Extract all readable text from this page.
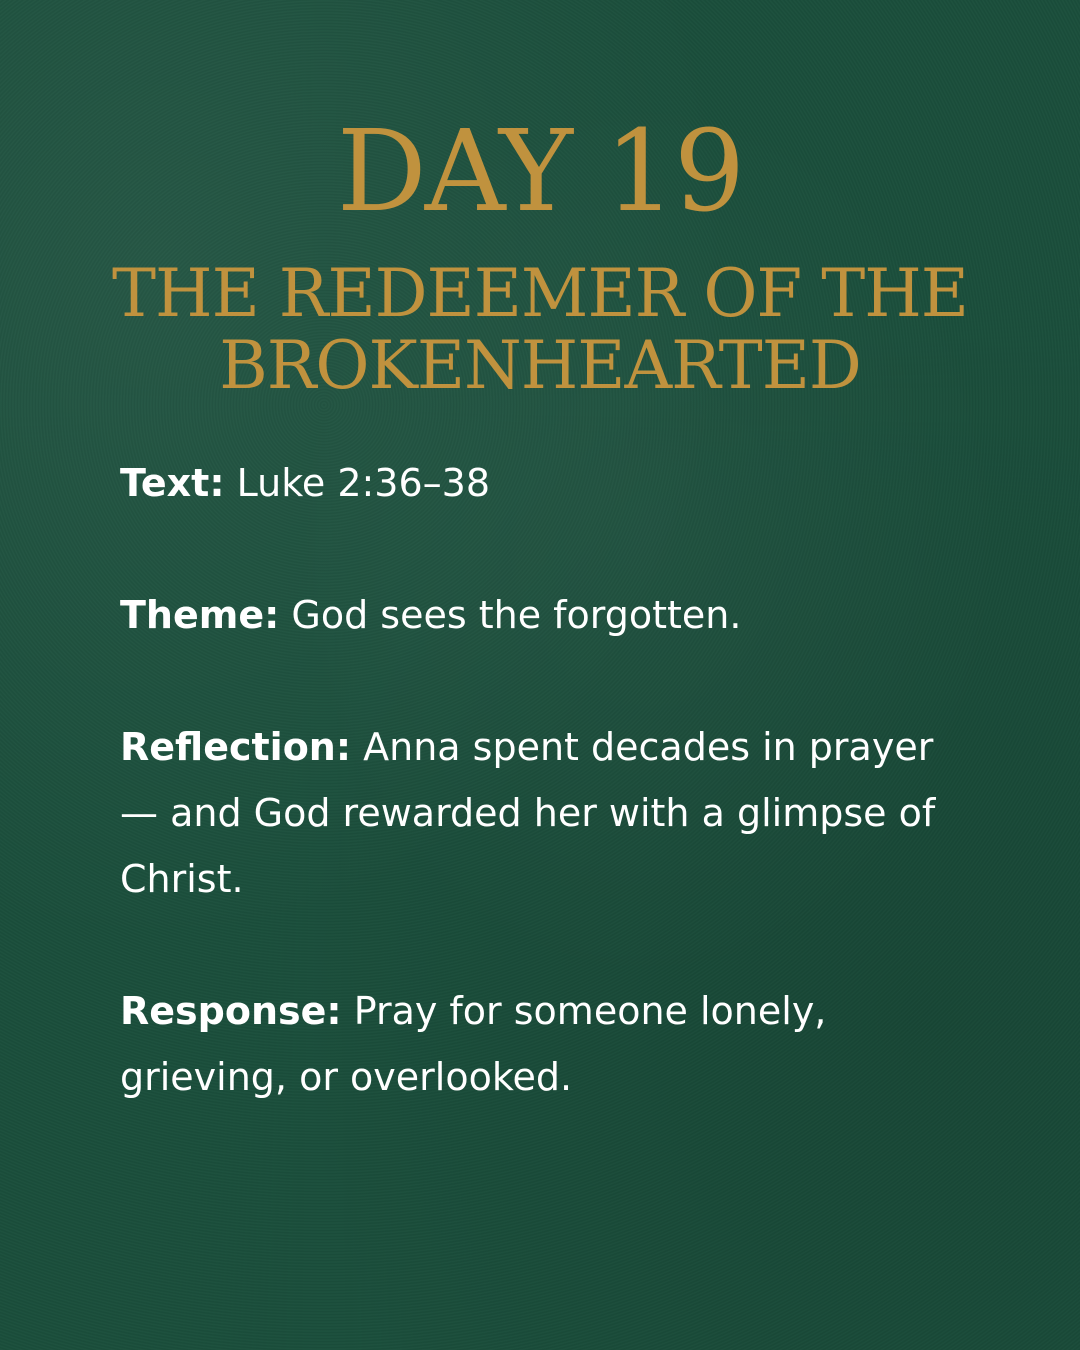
DAY 19
THE REDEEMER OF THE BROKENHEARTED
Text: Luke 2:36–38
Theme: God sees the forgotten.
Reflection: Anna spent decades in prayer — and God rewarded her with a glimpse of Christ.
Response: Pray for someone lonely, grieving, or overlooked.
